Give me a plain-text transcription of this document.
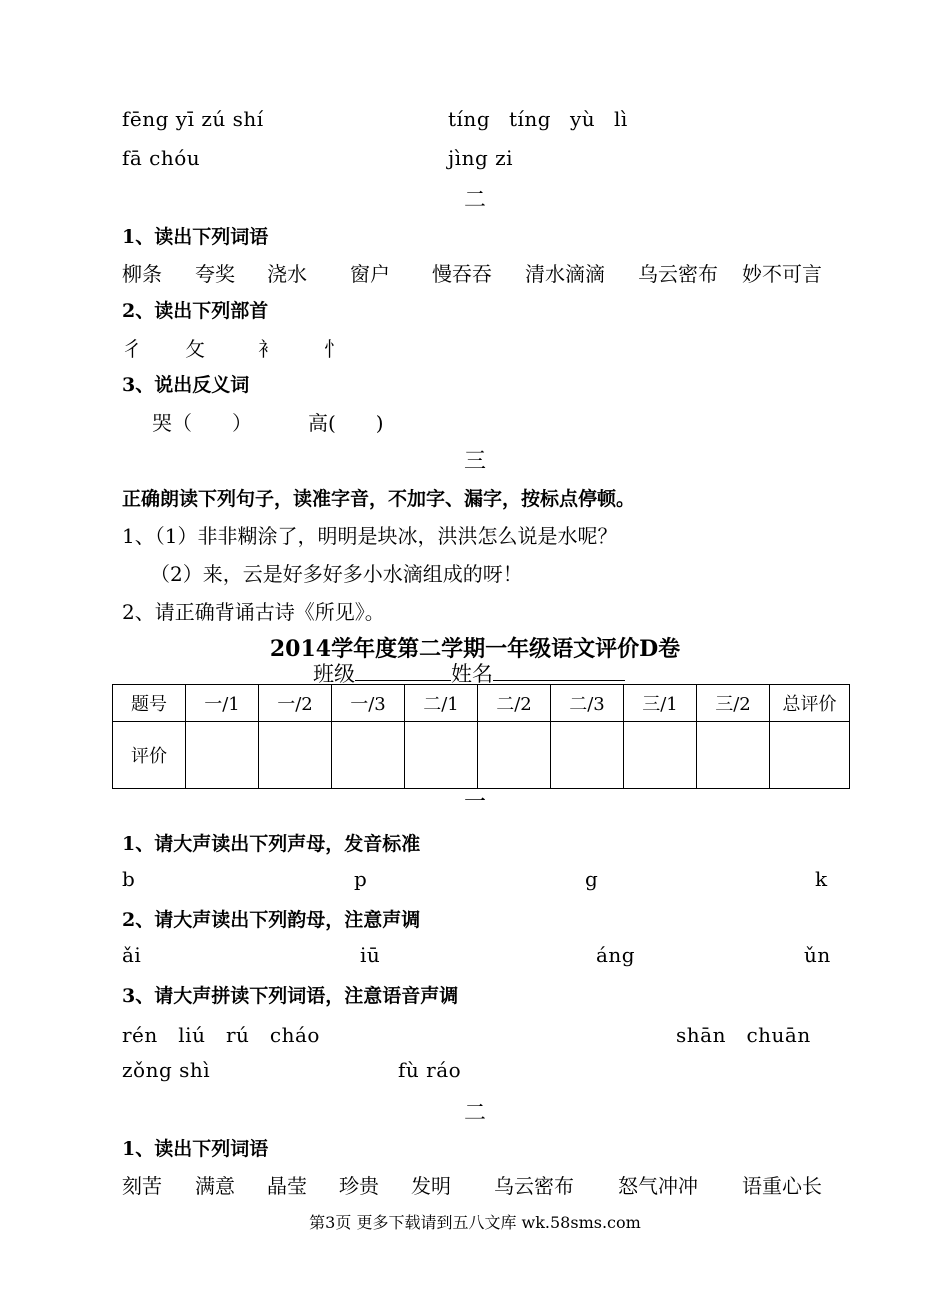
fēng yī zú shí	tíng tíng yù lì
fā chóu	jìng zi
二
1、读出下列词语
柳条 夸奖 浇水 窗户 慢吞吞 清水滴滴 乌云密布 妙不可言
2、读出下列部首
彳 攵	衤 忄
3、说出反义词
哭（　　）	高(　　)
三
正确朗读下列句子，读准字音，不加字、漏字，按标点停顿。
1、（1）非非糊涂了，明明是块冰，洪洪怎么说是水呢？
（2）来，云是好多好多小水滴组成的呀！
2、请正确背诵古诗《所见》。
2014学年度第二学期一年级语文评价D卷
班级	姓名
题号	一/1	一/2	一/3	二/1	二/2	二/3	三/1	三/2	总评价
评价									
一
1、请大声读出下列声母，发音标准
b	p	g	k
2、请大声读出下列韵母，注意声调
ǎi	iū	áng	ǔn
3、请大声拼读下列词语，注意语音声调
rén　liú　rú　cháo	shān　chuān
zǒng shì	fù ráo
二
1、读出下列词语
刻苦 满意 晶莹 珍贵 发明 乌云密布 怒气冲冲 语重心长
第3页 更多下载请到五八文库 wk.58sms.com
